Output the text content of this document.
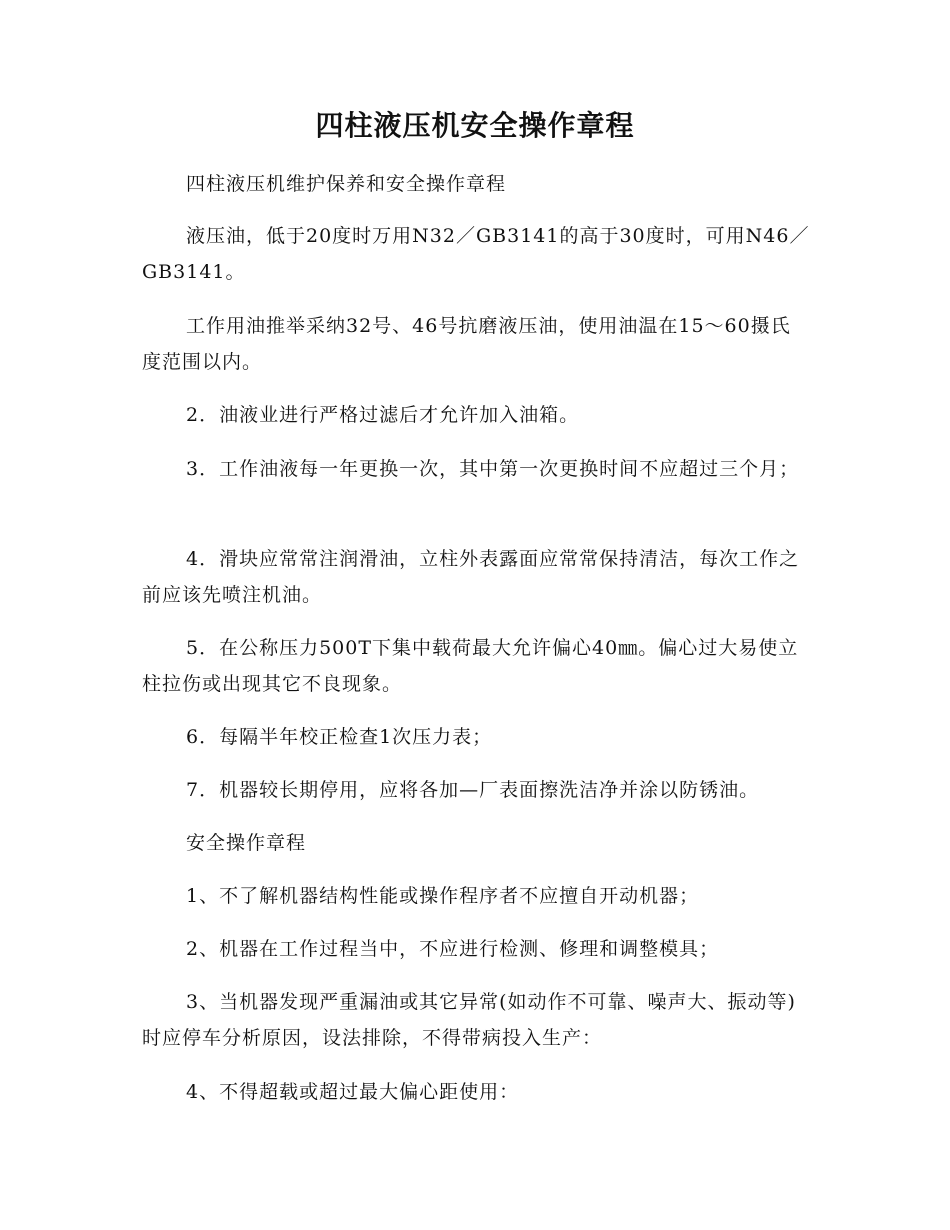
四柱液压机安全操作章程

四柱液压机维护保养和安全操作章程

液压油，低于20度时万用N32／GB3141的高于30度时，可用N46／GB3141。

工作用油推举采纳32号、46号抗磨液压油，使用油温在15～60摄氏度范围以内。

2．油液业进行严格过滤后才允许加入油箱。

3．工作油液每一年更换一次，其中第一次更换时间不应超过三个月；

4．滑块应常常注润滑油，立柱外表露面应常常保持清洁，每次工作之前应该先喷注机油。

5．在公称压力500T下集中载荷最大允许偏心40㎜。偏心过大易使立柱拉伤或出现其它不良现象。

6．每隔半年校正检查1次压力表；

7．机器较长期停用，应将各加—厂表面擦洗洁净并涂以防锈油。

安全操作章程

1、不了解机器结构性能或操作程序者不应擅自开动机器；

2、机器在工作过程当中，不应进行检测、修理和调整模具；

3、当机器发现严重漏油或其它异常(如动作不可靠、噪声大、振动等)时应停车分析原因，设法排除，不得带病投入生产：

4、不得超载或超过最大偏心距使用：
